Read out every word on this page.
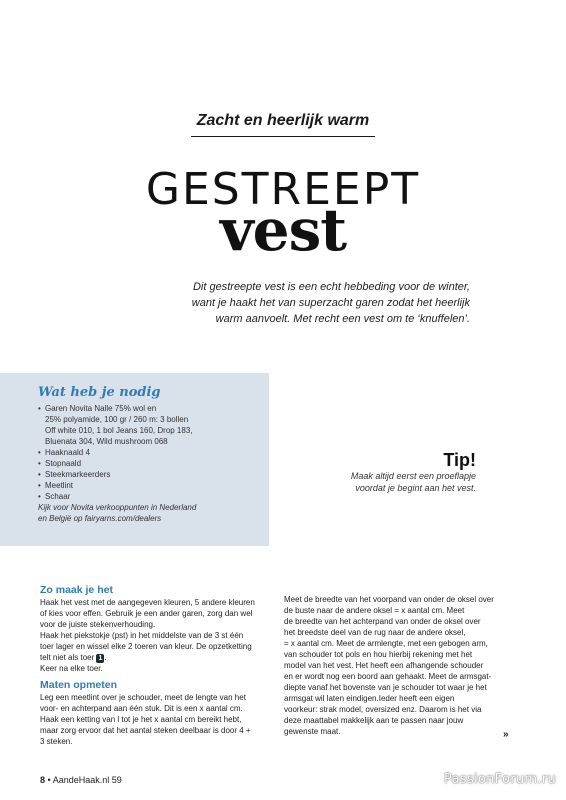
Zacht en heerlijk warm
GESTREEPT
vest
Dit gestreepte vest is een echt hebbeding voor de winter,
want je haakt het van superzacht garen zodat het heerlijk
warm aanvoelt. Met recht een vest om te ‘knuffelen’.
Wat heb je nodig
• Garen Novita Nalle 75% wol en
25% polyamide, 100 gr / 260 m: 3 bollen
Off white 010, 1 bol Jeans 160, Drop 183,
Bluenata 304, Wild mushroom 068
• Haaknaald 4
• Stopnaald
• Steekmarkeerders
• Meetlint
• Schaar
Kijk voor Novita verkooppunten in Nederland
en België op fairyarns.com/dealers
Tip!

Maak altijd eerst een proeflapje
voordat je begint aan het vest.

Zo maak je het

Haak het vest met de aangegeven kleuren, 5 andere kleuren
of kies voor effen. Gebruik je een ander garen, zorg dan wel
voor de juiste stekenverhouding.
Haak het piekstokje (pst) in het middelste van de 3 st één
toer lager en wissel elke 2 toeren van kleur. De opzetketting
telt niet als toer 1 .
Keer na elke toer.

Maten opmeten

Leg een meetlint over je schouder, meet de lengte van het
voor- en achterpand aan één stuk. Dit is een x aantal cm.
Haak een ketting van l tot je het x aantal cm bereikt hebt,
maar zorg ervoor dat het aantal steken deelbaar is door 4 +
3 steken.

Meet de breedte van het voorpand van onder de oksel over
de buste naar de andere oksel = x aantal cm. Meet
de breedte van het achterpand van onder de oksel over
het breedste deel van de rug naar de andere oksel,
= x aantal cm. Meet de armlengte, met een gebogen arm,
van schouder tot pols en hou hierbij rekening met het
model van het vest. Het heeft een afhangende schouder
en er wordt nog een boord aan gehaakt. Meet de armsgat-
diepte vanaf het bovenste van je schouder tot waar je het
armsgat wil laten eindigen.Ieder heeft een eigen
voorkeur: strak model, oversized enz. Daarom is het via
deze maattabel makkelijk aan te passen naar jouw
gewenste maat.	»
8 • AandeHaak.nl 59	PassionForum.ru
